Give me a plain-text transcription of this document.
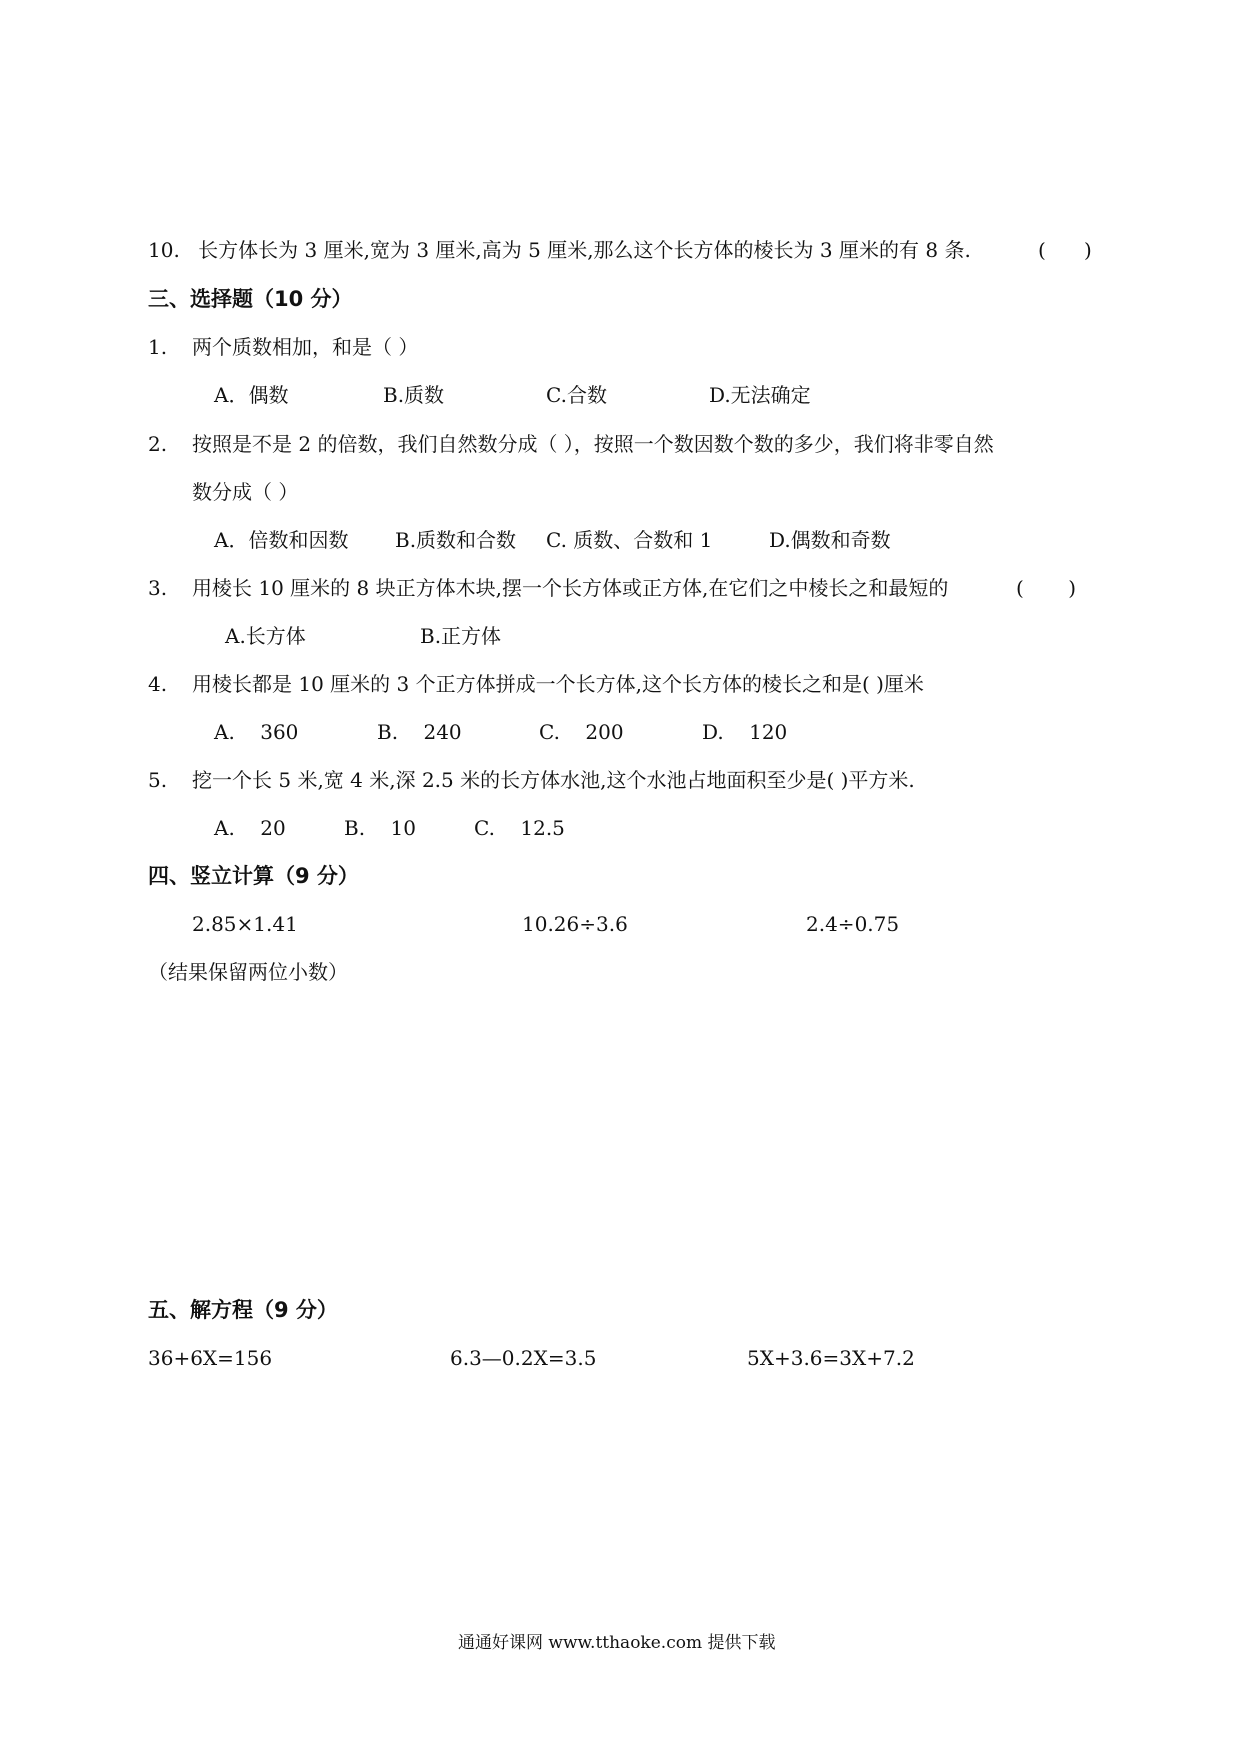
10. 长方体长为 3 厘米,宽为 3 厘米,高为 5 厘米,那么这个长方体的棱长为 3 厘米的有 8 条.	(      )
三、选择题（10 分）
1. 两个质数相加，和是（ ）
A．偶数	B.质数	C.合数	D.无法确定
2. 按照是不是 2 的倍数，我们自然数分成（ ），按照一个数因数个数的多少，我们将非零自然
数分成（ ）
A．倍数和因数 B.质数和合数 C. 质数、合数和 1	D.偶数和奇数
3. 用棱长 10 厘米的 8 块正方体木块,摆一个长方体或正方体,在它们之中棱长之和最短的	(       )
A.长方体	B.正方体
4. 用棱长都是 10 厘米的 3 个正方体拼成一个长方体,这个长方体的棱长之和是( )厘米
A.    360	B.    240	C.    200	D.    120
5. 挖一个长 5 米,宽 4 米,深 2.5 米的长方体水池,这个水池占地面积至少是( )平方米.
A.    20	B.    10	C.    12.5
四、竖立计算（9 分）
2.85×1.41	10.26÷3.6	2.4÷0.75
（结果保留两位小数）
五、解方程（9 分）
36+6X=156	6.3—0.2X=3.5	5X+3.6=3X+7.2
通通好课网 www.tthaoke.com 提供下载
